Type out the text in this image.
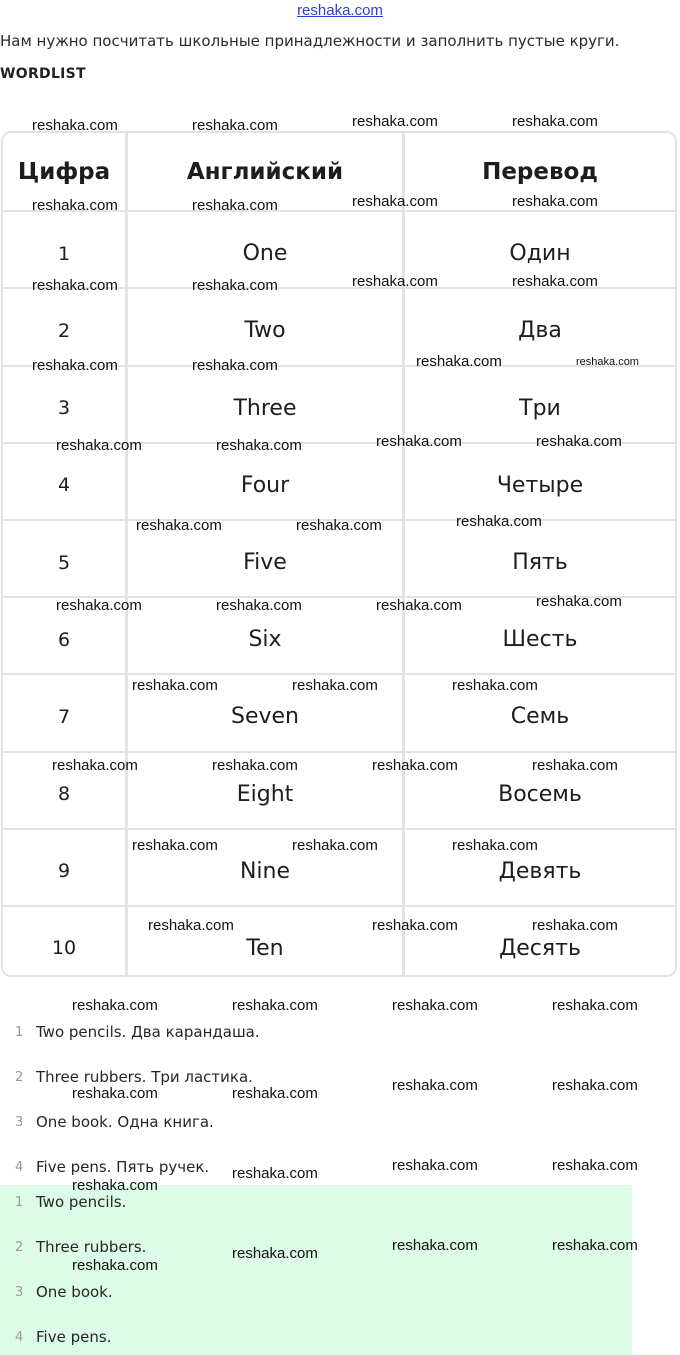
reshaka.com
Нам нужно посчитать школьные принадлежности и заполнить пустые круги.
WORDLIST
Цифра	Английский	Перевод
1	One	Один
2	Two	Два
3	Three	Три
4	Four	Четыре
5	Five	Пять
6	Six	Шесть
7	Seven	Семь
8	Eight	Восемь
9	Nine	Девять
10	Ten	Десять
1 Two pencils. Два карандаша.
2 Three rubbers. Три ластика.
3 One book. Одна книга.
4 Five pens. Пять ручек.
1 Two pencils.
2 Three rubbers.
3 One book.
4 Five pens.
reshaka.com	reshaka.com	reshaka.com	reshaka.com
reshaka.com	reshaka.com	reshaka.com	reshaka.com
reshaka.com	reshaka.com	reshaka.com	reshaka.com
reshaka.com	reshaka.com	reshaka.com	reshaka.com
reshaka.com	reshaka.com	reshaka.com	reshaka.com
reshaka.com	reshaka.com	reshaka.com
reshaka.com	reshaka.com	reshaka.com	reshaka.com
reshaka.com	reshaka.com	reshaka.com
reshaka.com	reshaka.com	reshaka.com	reshaka.com
reshaka.com	reshaka.com	reshaka.com
reshaka.com	reshaka.com	reshaka.com
reshaka.com	reshaka.com	reshaka.com	reshaka.com
reshaka.com	reshaka.com	reshaka.com	reshaka.com
reshaka.com
reshaka.com	reshaka.com	reshaka.com
reshaka.com
reshaka.com	reshaka.com	reshaka.com
